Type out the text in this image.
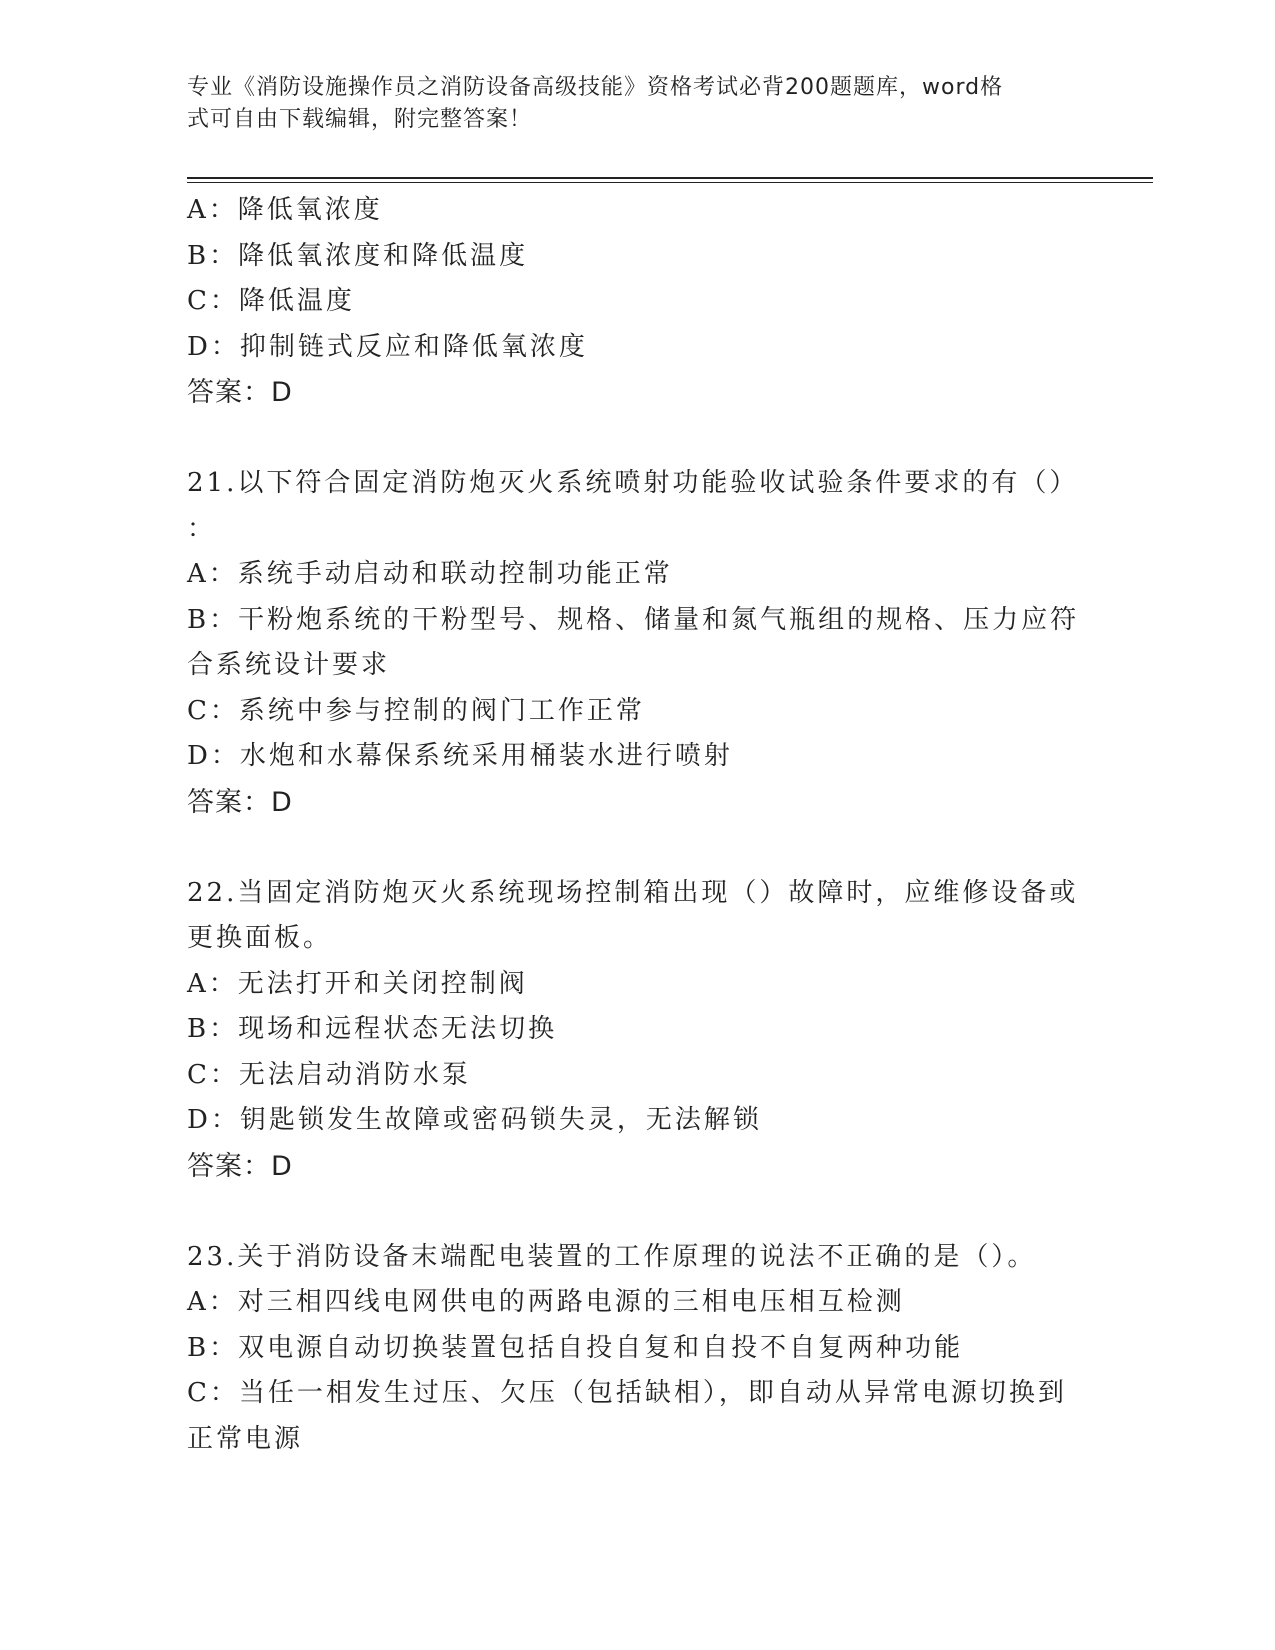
专业《消防设施操作员之消防设备高级技能》资格考试必背200题题库，word格
式可自由下载编辑，附完整答案！
A：降低氧浓度
B：降低氧浓度和降低温度
C：降低温度
D：抑制链式反应和降低氧浓度
答案：D
21.以下符合固定消防炮灭火系统喷射功能验收试验条件要求的有（）
：
A：系统手动启动和联动控制功能正常
B：干粉炮系统的干粉型号、规格、储量和氮气瓶组的规格、压力应符
合系统设计要求
C：系统中参与控制的阀门工作正常
D：水炮和水幕保系统采用桶装水进行喷射
答案：D
22.当固定消防炮灭火系统现场控制箱出现（）故障时，应维修设备或
更换面板。
A：无法打开和关闭控制阀
B：现场和远程状态无法切换
C：无法启动消防水泵
D：钥匙锁发生故障或密码锁失灵，无法解锁
答案：D
23.关于消防设备末端配电装置的工作原理的说法不正确的是（）。
A：对三相四线电网供电的两路电源的三相电压相互检测
B：双电源自动切换装置包括自投自复和自投不自复两种功能
C：当任一相发生过压、欠压（包括缺相），即自动从异常电源切换到
正常电源
